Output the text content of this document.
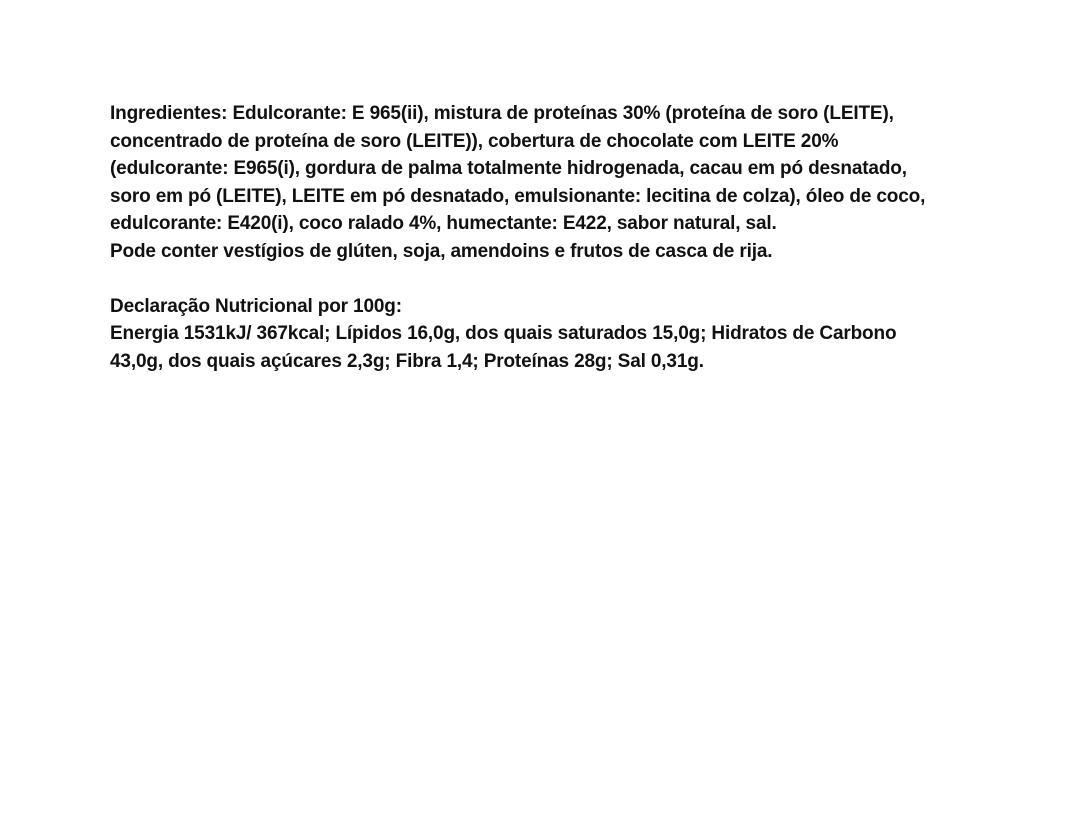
Ingredientes: Edulcorante: E 965(ii), mistura de proteínas 30% (proteína de soro (LEITE),
concentrado de proteína de soro (LEITE)), cobertura de chocolate com LEITE 20%
(edulcorante: E965(i), gordura de palma totalmente hidrogenada, cacau em pó desnatado,
soro em pó (LEITE), LEITE em pó desnatado, emulsionante: lecitina de colza), óleo de coco,
edulcorante: E420(i), coco ralado 4%, humectante: E422, sabor natural, sal.
Pode conter vestígios de glúten, soja, amendoins e frutos de casca de rija.
Declaração Nutricional por 100g:
Energia 1531kJ/ 367kcal; Lípidos 16,0g, dos quais saturados 15,0g; Hidratos de Carbono
43,0g, dos quais açúcares 2,3g; Fibra 1,4; Proteínas 28g; Sal 0,31g.
